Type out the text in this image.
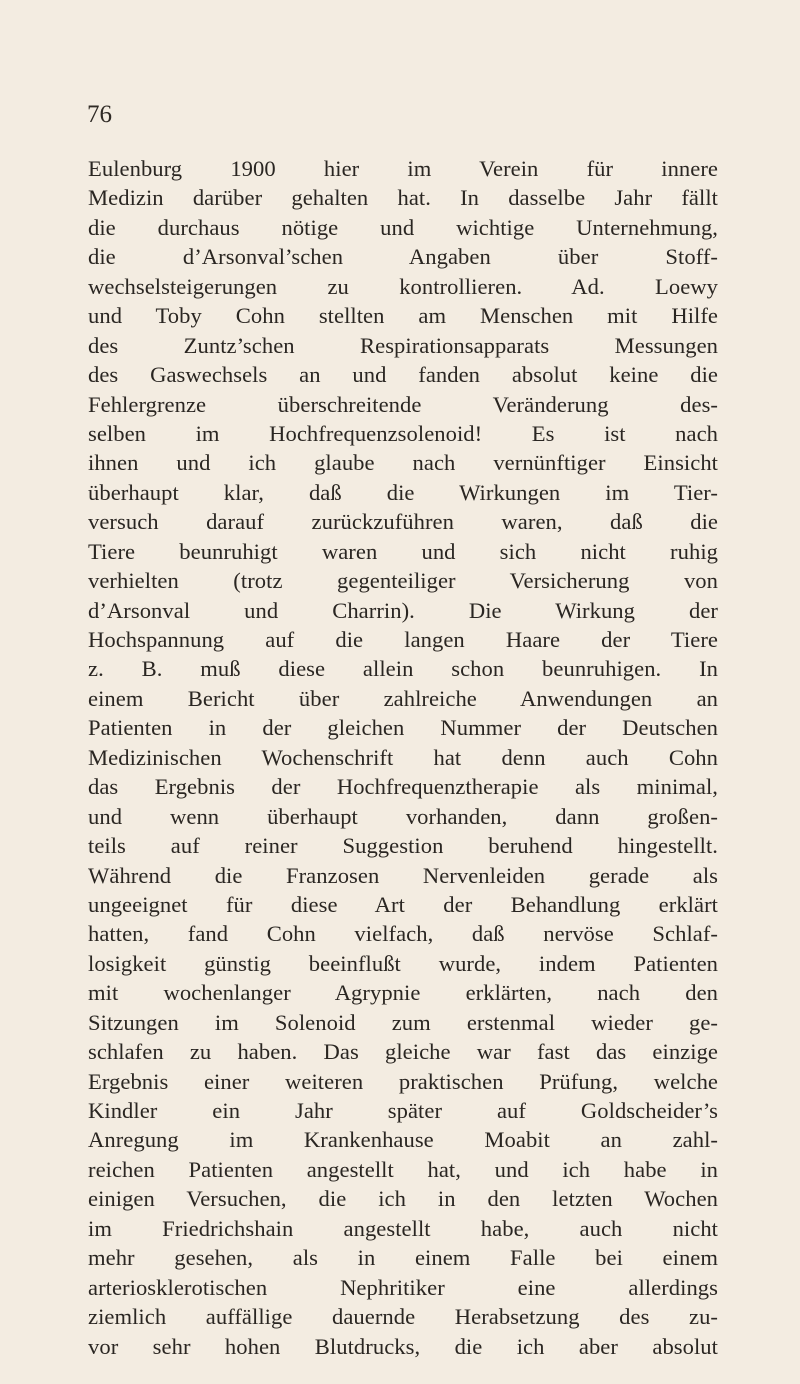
76
Eulenburg 1900 hier im Verein für innere
Medizin darüber gehalten hat. In dasselbe Jahr fällt
die durchaus nötige und wichtige Unternehmung,
die d’Arsonval’schen Angaben über Stoff-
wechselsteigerungen zu kontrollieren. Ad. Loewy
und Toby Cohn stellten am Menschen mit Hilfe
des Zuntz’schen Respirationsapparats Messungen
des Gaswechsels an und fanden absolut keine die
Fehlergrenze überschreitende Veränderung des-
selben im Hochfrequenzsolenoid! Es ist nach
ihnen und ich glaube nach vernünftiger Einsicht
überhaupt klar, daß die Wirkungen im Tier-
versuch darauf zurückzuführen waren, daß die
Tiere beunruhigt waren und sich nicht ruhig
verhielten (trotz gegenteiliger Versicherung von
d’Arsonval und Charrin). Die Wirkung der
Hochspannung auf die langen Haare der Tiere
z. B. muß diese allein schon beunruhigen. In
einem Bericht über zahlreiche Anwendungen an
Patienten in der gleichen Nummer der Deutschen
Medizinischen Wochenschrift hat denn auch Cohn
das Ergebnis der Hochfrequenztherapie als minimal,
und wenn überhaupt vorhanden, dann großen-
teils auf reiner Suggestion beruhend hingestellt.
Während die Franzosen Nervenleiden gerade als
ungeeignet für diese Art der Behandlung erklärt
hatten, fand Cohn vielfach, daß nervöse Schlaf-
losigkeit günstig beeinflußt wurde, indem Patienten
mit wochenlanger Agrypnie erklärten, nach den
Sitzungen im Solenoid zum erstenmal wieder ge-
schlafen zu haben. Das gleiche war fast das einzige
Ergebnis einer weiteren praktischen Prüfung, welche
Kindler ein Jahr später auf Goldscheider’s
Anregung im Krankenhause Moabit an zahl-
reichen Patienten angestellt hat, und ich habe in
einigen Versuchen, die ich in den letzten Wochen
im Friedrichshain angestellt habe, auch nicht
mehr gesehen, als in einem Falle bei einem
arteriosklerotischen Nephritiker eine allerdings
ziemlich auffällige dauernde Herabsetzung des zu-
vor sehr hohen Blutdrucks, die ich aber absolut
